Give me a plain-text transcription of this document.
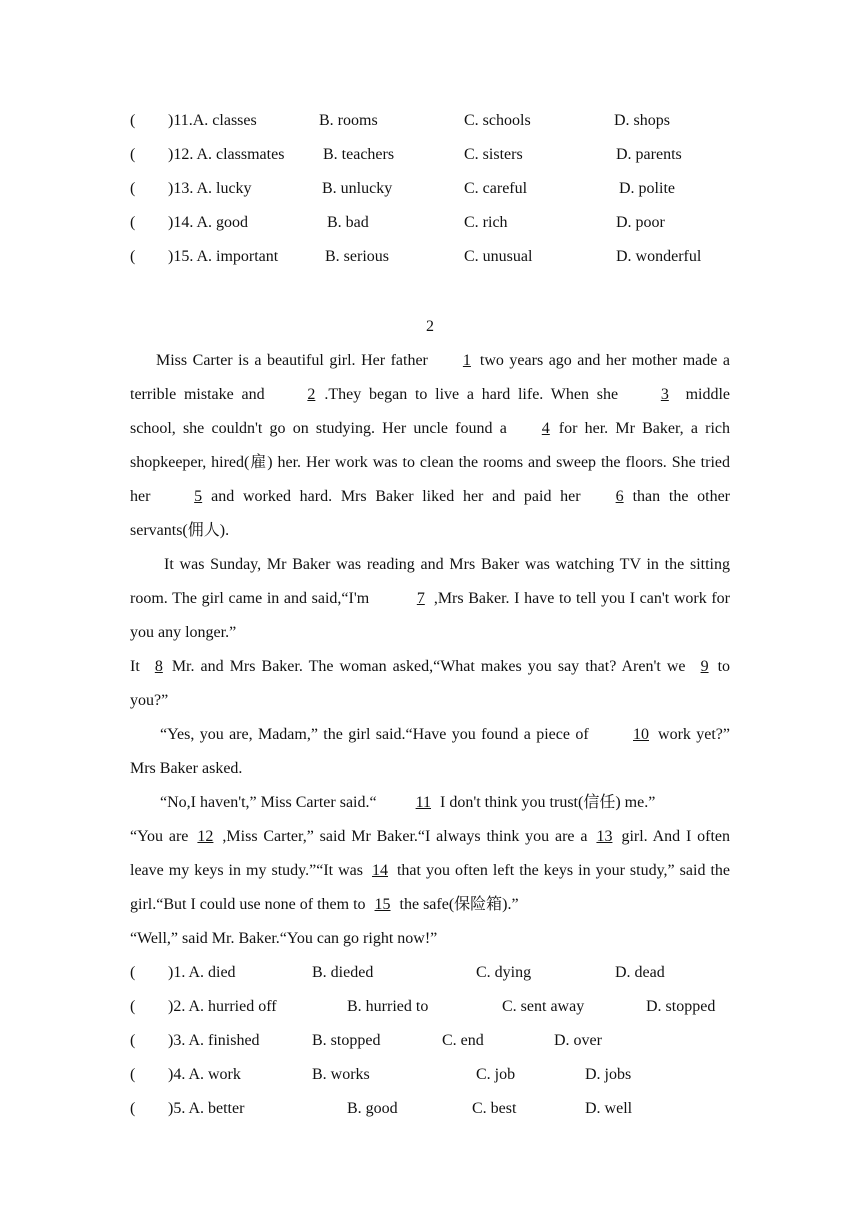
( )11.A. classes	B. rooms	C. schools	D. shops
( )12. A. classmates B. teachers	C. sisters	D. parents
( )13. A. lucky	B. unlucky	C. careful	D. polite
( )14. A. good	B. bad	C. rich	D. poor
( )15. A. important	B. serious	C. unusual	D. wonderful
2

Miss Carter is a beautiful girl. Her father 1 two years ago and her mother made a terrible mistake and 2 .They began to live a hard life. When she 3 middle school, she couldn't go on studying. Her uncle found a 4 for her. Mr Baker, a rich shopkeeper, hired(雇) her. Her work was to clean the rooms and sweep the floors. She tried her 5 and worked hard. Mrs Baker liked her and paid her 6 than the other servants(佣人).

It was Sunday, Mr Baker was reading and Mrs Baker was watching TV in the sitting room. The girl came in and said,“I'm	7 ,Mrs Baker. I have to tell you I can't work for you any longer.”

It 8 Mr. and Mrs Baker. The woman asked,“What makes you say that? Aren't we 9 to you?”

“Yes, you are, Madam,” the girl said.“Have you found a piece of 10 work yet?” Mrs Baker asked.

“No,I haven't,” Miss Carter said.“ 11 I don't think you trust(信任) me.”

“You are 12 ,Miss Carter,” said Mr Baker.“I always think you are a 13 girl. And I often leave my keys in my study.”“It was 14 that you often left the keys in your study,” said the girl.“But I could use none of them to 15 the safe(保险箱).”

“Well,” said Mr. Baker.“You can go right now!”

( )1. A. died	B. dieded	C. dying	D. dead
( )2. A. hurried off	B. hurried to	C. sent away	D. stopped
( )3. A. finished	B. stopped	C. end	D. over
( )4. A. work	B. works	C. job	D. jobs
( )5. A. better	B. good	C. best	D. well
